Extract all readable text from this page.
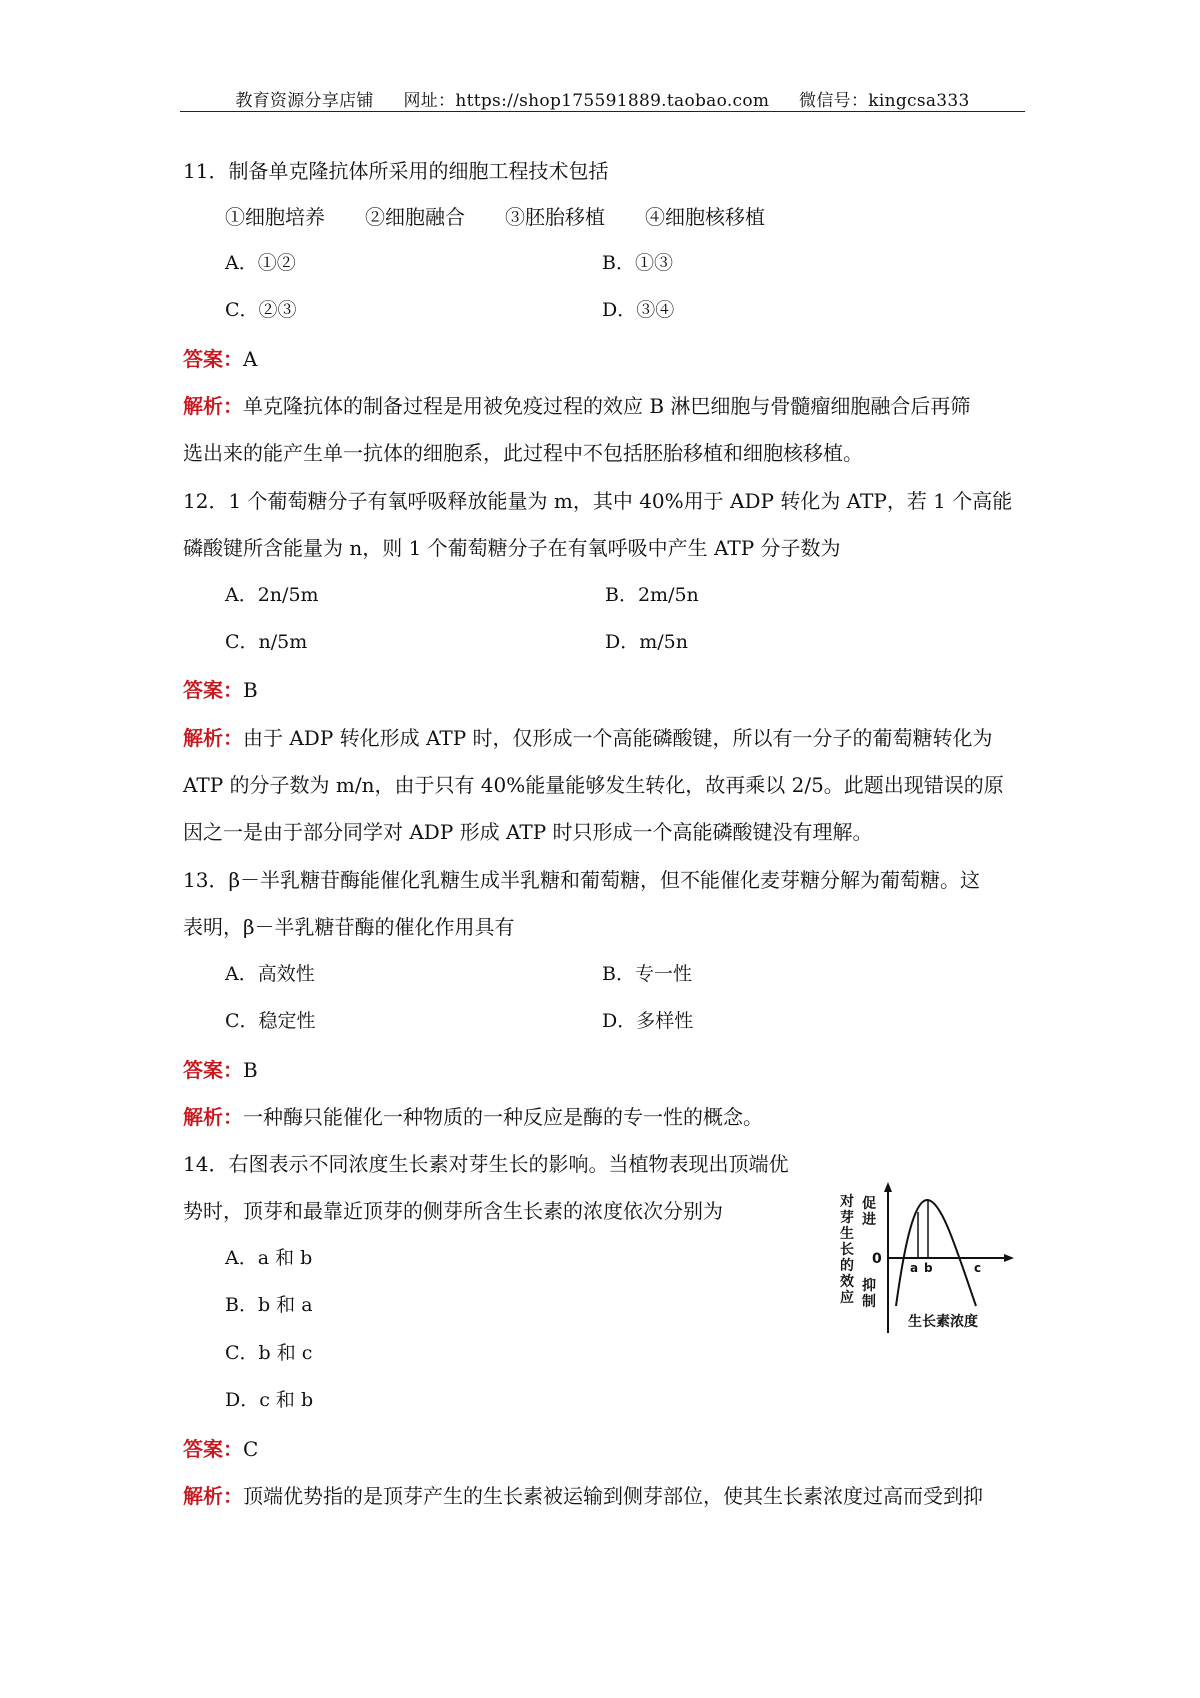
教育资源分享店铺 网址：https://shop175591889.taobao.com 微信号：kingcsa333
11．制备单克隆抗体所采用的细胞工程技术包括
①细胞培养　　②细胞融合　　③胚胎移植　　④细胞核移植
A．①②	B．①③
C．②③	D．③④
答案：A
解析：单克隆抗体的制备过程是用被免疫过程的效应 B 淋巴细胞与骨髓瘤细胞融合后再筛
选出来的能产生单一抗体的细胞系，此过程中不包括胚胎移植和细胞核移植。
12．1 个葡萄糖分子有氧呼吸释放能量为 m，其中 40%用于 ADP 转化为 ATP，若 1 个高能
磷酸键所含能量为 n，则 1 个葡萄糖分子在有氧呼吸中产生 ATP 分子数为
A．2n/5m	B．2m/5n
C．n/5m	D．m/5n
答案：B
解析：由于 ADP 转化形成 ATP 时，仅形成一个高能磷酸键，所以有一分子的葡萄糖转化为
ATP 的分子数为 m/n，由于只有 40%能量能够发生转化，故再乘以 2/5。此题出现错误的原
因之一是由于部分同学对 ADP 形成 ATP 时只形成一个高能磷酸键没有理解。
13．β－半乳糖苷酶能催化乳糖生成半乳糖和葡萄糖，但不能催化麦芽糖分解为葡萄糖。这
表明，β－半乳糖苷酶的催化作用具有
A．高效性	B．专一性
C．稳定性	D．多样性
答案：B
解析：一种酶只能催化一种物质的一种反应是酶的专一性的概念。
14．右图表示不同浓度生长素对芽生长的影响。当植物表现出顶端优
势时，顶芽和最靠近顶芽的侧芽所含生长素的浓度依次分别为
A．a 和 b
B．b 和 a
C．b 和 c
D．c 和 b
答案：C
解析：顶端优势指的是顶芽产生的生长素被运输到侧芽部位，使其生长素浓度过高而受到抑
对芽生长的效应
促进
抑制
0
a b	c
生长素浓度
